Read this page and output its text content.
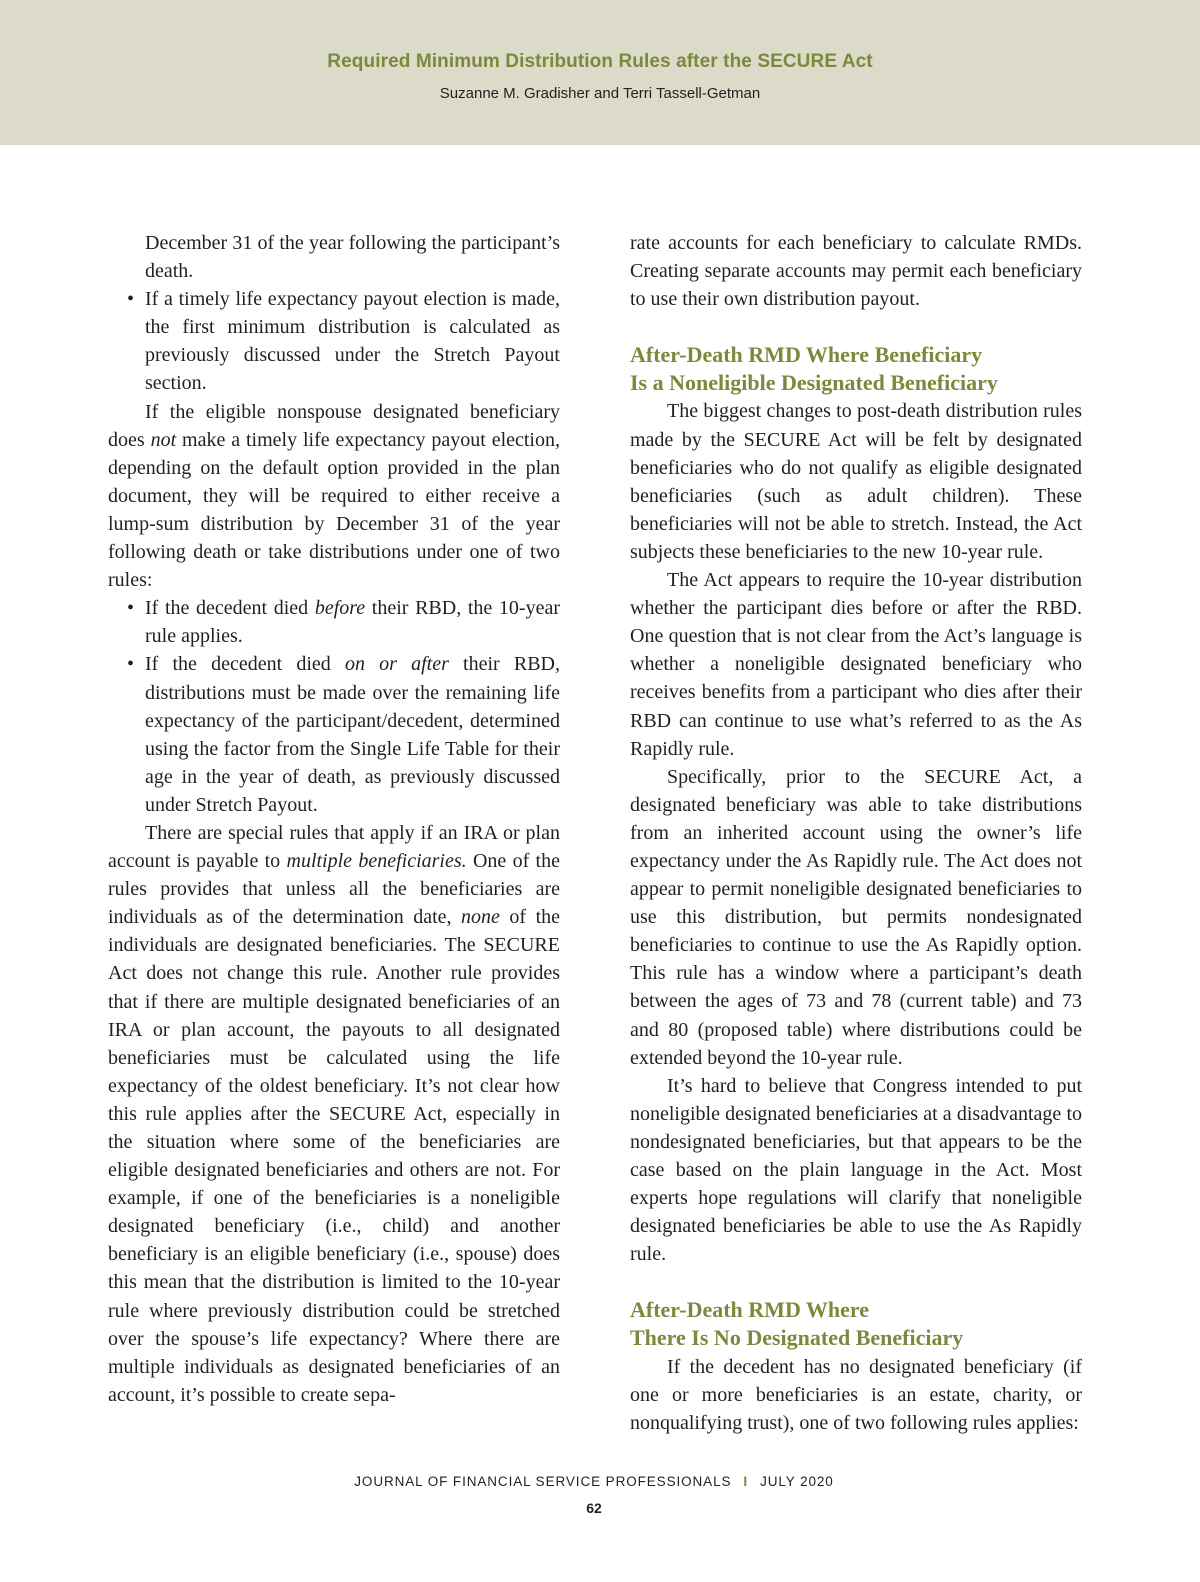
Required Minimum Distribution Rules after the SECURE Act
Suzanne M. Gradisher and Terri Tassell-Getman

December 31 of the year following the participant’s death.

• If a timely life expectancy payout election is made, the first minimum distribution is calculated as previously discussed under the Stretch Payout section.

If the eligible nonspouse designated beneficiary does not make a timely life expectancy payout election, depending on the default option provided in the plan document, they will be required to either receive a lump-sum distribution by December 31 of the year following death or take distributions under one of two rules:

• If the decedent died before their RBD, the 10-year rule applies.
• If the decedent died on or after their RBD, distributions must be made over the remaining life expectancy of the participant/decedent, determined using the factor from the Single Life Table for their age in the year of death, as previously discussed under Stretch Payout.

There are special rules that apply if an IRA or plan account is payable to multiple beneficiaries. One of the rules provides that unless all the beneficiaries are individuals as of the determination date, none of the individuals are designated beneficiaries. The SECURE Act does not change this rule. Another rule provides that if there are multiple designated beneficiaries of an IRA or plan account, the payouts to all designated beneficiaries must be calculated using the life expectancy of the oldest beneficiary. It’s not clear how this rule applies after the SECURE Act, especially in the situation where some of the beneficiaries are eligible designated beneficiaries and others are not. For example, if one of the beneficiaries is a noneligible designated beneficiary (i.e., child) and another beneficiary is an eligible beneficiary (i.e., spouse) does this mean that the distribution is limited to the 10-year rule where previously distribution could be stretched over the spouse’s life expectancy? Where there are multiple individuals as designated beneficiaries of an account, it’s possible to create sepa-

rate accounts for each beneficiary to calculate RMDs. Creating separate accounts may permit each beneficiary to use their own distribution payout.

After-Death RMD Where Beneficiary
Is a Noneligible Designated Beneficiary

The biggest changes to post-death distribution rules made by the SECURE Act will be felt by designated beneficiaries who do not qualify as eligible designated beneficiaries (such as adult children). These beneficiaries will not be able to stretch. Instead, the Act subjects these beneficiaries to the new 10-year rule.

The Act appears to require the 10-year distribution whether the participant dies before or after the RBD. One question that is not clear from the Act’s language is whether a noneligible designated beneficiary who receives benefits from a participant who dies after their RBD can continue to use what’s referred to as the As Rapidly rule.

Specifically, prior to the SECURE Act, a designated beneficiary was able to take distributions from an inherited account using the owner’s life expectancy under the As Rapidly rule. The Act does not appear to permit noneligible designated beneficiaries to use this distribution, but permits nondesignated beneficiaries to continue to use the As Rapidly option. This rule has a window where a participant’s death between the ages of 73 and 78 (current table) and 73 and 80 (proposed table) where distributions could be extended beyond the 10-year rule.

It’s hard to believe that Congress intended to put noneligible designated beneficiaries at a disadvantage to nondesignated beneficiaries, but that appears to be the case based on the plain language in the Act. Most experts hope regulations will clarify that noneligible designated beneficiaries be able to use the As Rapidly rule.

After-Death RMD Where
There Is No Designated Beneficiary

If the decedent has no designated beneficiary (if one or more beneficiaries is an estate, charity, or nonqualifying trust), one of two following rules applies:

JOURNAL OF FINANCIAL SERVICE PROFESSIONALS I JULY 2020
62
